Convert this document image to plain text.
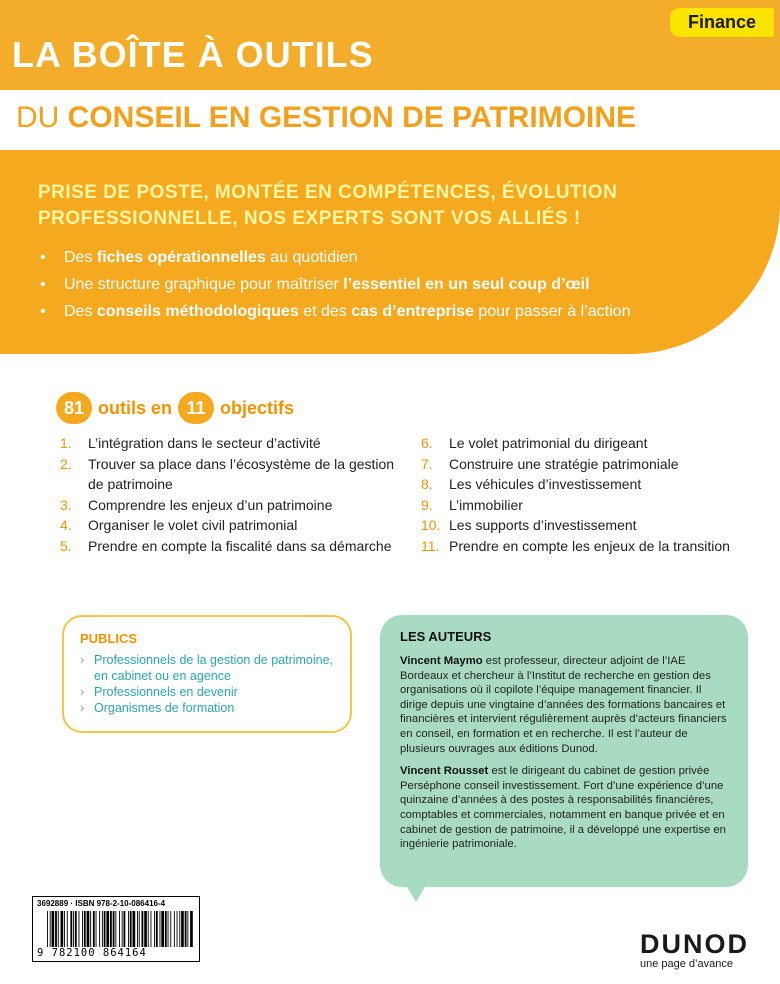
Finance
LA BOÎTE À OUTILS
DU CONSEIL EN GESTION DE PATRIMOINE
PRISE DE POSTE, MONTÉE EN COMPÉTENCES, ÉVOLUTION PROFESSIONNELLE, NOS EXPERTS SONT VOS ALLIÉS !
• Des fiches opérationnelles au quotidien
• Une structure graphique pour maîtriser l’essentiel en un seul coup d’œil
• Des conseils méthodologiques et des cas d’entreprise pour passer à l’action
81 outils en 11 objectifs
1. L’intégration dans le secteur d’activité
2. Trouver sa place dans l’écosystème de la gestion de patrimoine
3. Comprendre les enjeux d’un patrimoine
4. Organiser le volet civil patrimonial
5. Prendre en compte la fiscalité dans sa démarche
6. Le volet patrimonial du dirigeant
7. Construire une stratégie patrimoniale
8. Les véhicules d’investissement
9. L’immobilier
10. Les supports d’investissement
11. Prendre en compte les enjeux de la transition
PUBLICS
› Professionnels de la gestion de patrimoine, en cabinet ou en agence
› Professionnels en devenir
› Organismes de formation
LES AUTEURS

Vincent Maymo est professeur, directeur adjoint de l’IAE Bordeaux et chercheur à l’Institut de recherche en gestion des organisations où il copilote l’équipe management financier. Il dirige depuis une vingtaine d’années des formations bancaires et financières et intervient régulièrement auprès d’acteurs financiers en conseil, en formation et en recherche. Il est l’auteur de plusieurs ouvrages aux éditions Dunod.

Vincent Rousset est le dirigeant du cabinet de gestion privée Perséphone conseil investissement. Fort d’une expérience d’une quinzaine d’années à des postes à responsabilités financières, comptables et commerciales, notamment en banque privée et en cabinet de gestion de patrimoine, il a développé une expertise en ingénierie patrimoniale.

3692889 · ISBN 978-2-10-086416-4
9 782100 864164	DUNOD
une page d’avance
